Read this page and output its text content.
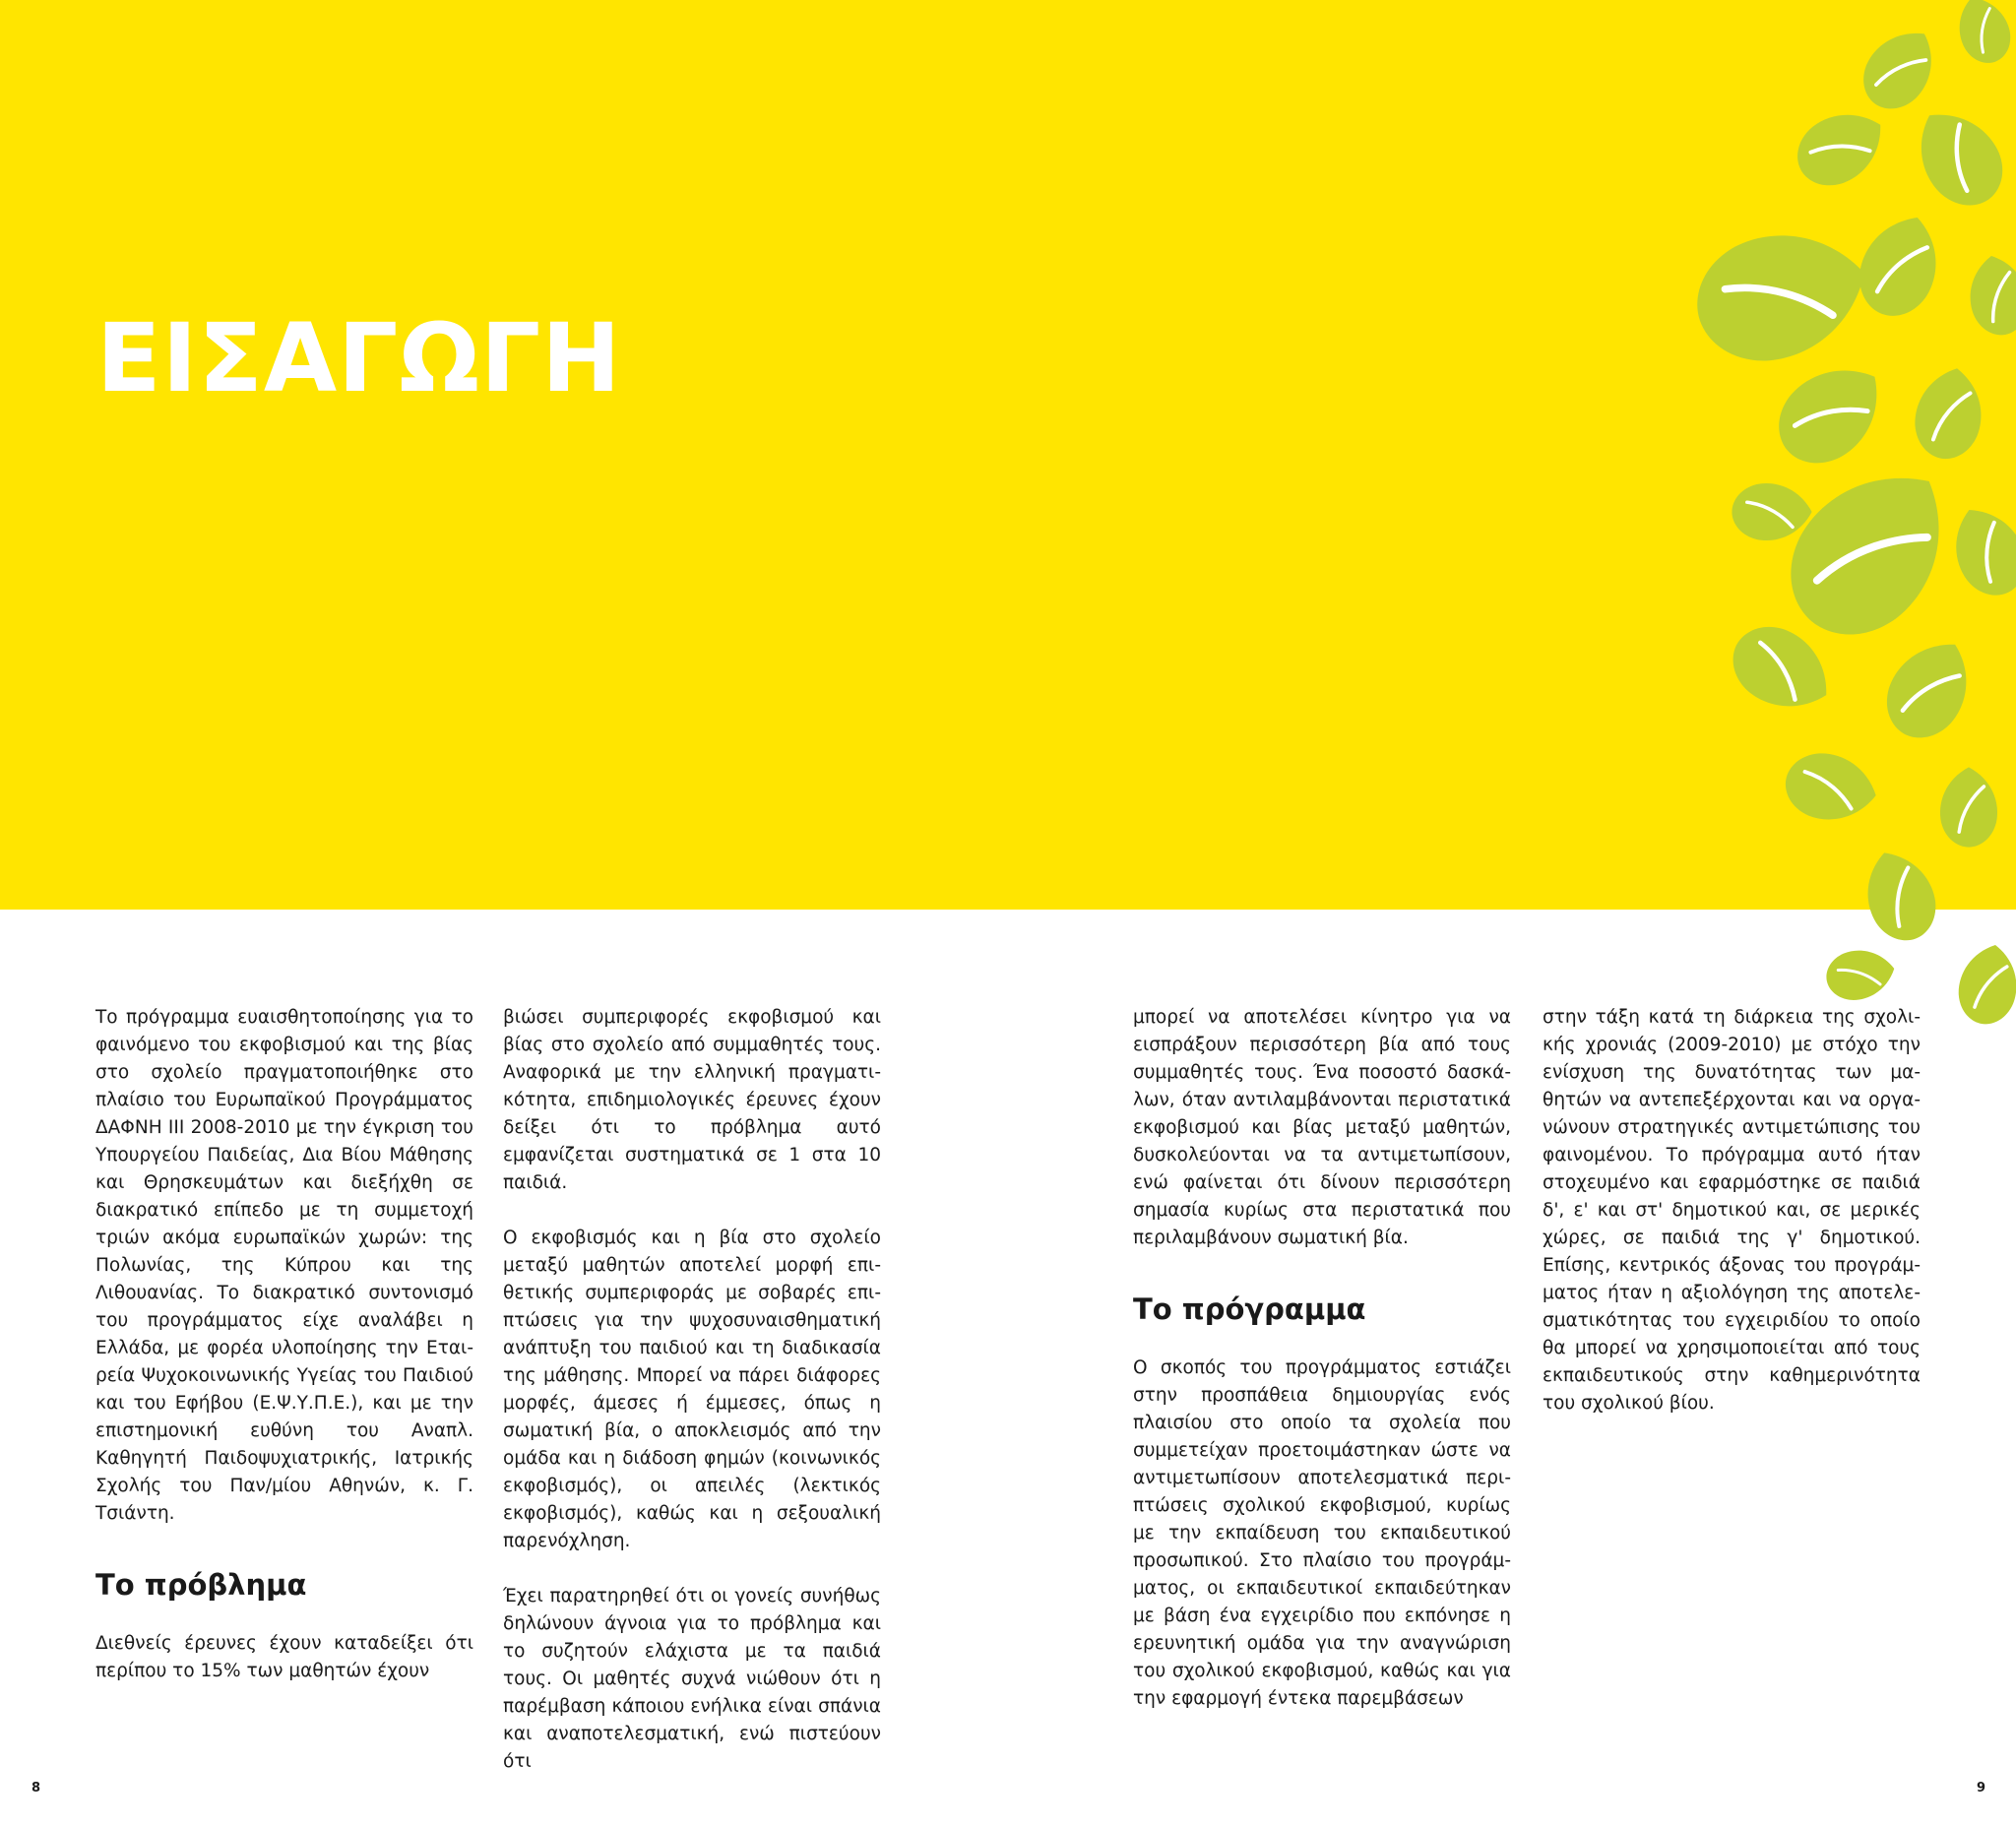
ΕΙΣΑΓΩΓΗ

Το πρόγραμμα ευαισθητοποίησης για το φαινόμενο του εκφοβισμού και της βίας στο σχολείο πραγματοποιήθηκε στο πλαίσιο του Ευρωπαϊκού Προγράμματος ΔΑΦΝΗ ΙΙΙ 2008-2010 με την έγκριση του Υπουργείου Παιδείας, Δια Βίου Μάθησης και Θρησκευμάτων και διεξήχθη σε διακρατικό επίπεδο με τη συμμετοχή τριών ακόμα ευρωπαϊκών χωρών: της Πολωνίας, της Κύπρου και της Λιθουανίας. Το διακρατικό συντονισμό του προγράμματος είχε αναλάβει η Ελλάδα, με φορέα υλοποίησης την Εταιρεία Ψυχοκοινωνικής Υγείας του Παιδιού και του Εφήβου (Ε.Ψ.Υ.Π.Ε.), και με την επιστημονική ευθύνη του Αναπλ. Καθηγητή Παιδοψυχιατρικής, Ιατρικής Σχολής του Παν/μίου Αθηνών, κ. Γ. Τσιάντη.

Το πρόβλημα

Διεθνείς έρευνες έχουν καταδείξει ότι περίπου το 15% των μαθητών έχουν

βιώσει συμπεριφορές εκφοβισμού και βίας στο σχολείο από συμμαθητές τους. Αναφορικά με την ελληνική πραγματικότητα, επιδημιολογικές έρευνες έχουν δείξει ότι το πρόβλημα αυτό εμφανίζεται συστηματικά σε 1 στα 10 παιδιά.

Ο εκφοβισμός και η βία στο σχολείο μεταξύ μαθητών αποτελεί μορφή επιθετικής συμπεριφοράς με σοβαρές επιπτώσεις για την ψυχοσυναισθηματική ανάπτυξη του παιδιού και τη διαδικασία της μάθησης. Μπορεί να πάρει διάφορες μορφές, άμεσες ή έμμεσες, όπως η σωματική βία, ο αποκλεισμός από την ομάδα και η διάδοση φημών (κοινωνικός εκφοβισμός), οι απειλές (λεκτικός εκφοβισμός), καθώς και η σεξουαλική παρενόχληση.

Έχει παρατηρηθεί ότι οι γονείς συνήθως δηλώνουν άγνοια για το πρόβλημα και το συζητούν ελάχιστα με τα παιδιά τους. Οι μαθητές συχνά νιώθουν ότι η παρέμβαση κάποιου ενήλικα είναι σπάνια και αναποτελεσματική, ενώ πιστεύουν ότι

μπορεί να αποτελέσει κίνητρο για να εισπράξουν περισσότερη βία από τους συμμαθητές τους. Ένα ποσοστό δασκάλων, όταν αντιλαμβάνονται περιστατικά εκφοβισμού και βίας μεταξύ μαθητών, δυσκολεύονται να τα αντιμετωπίσουν, ενώ φαίνεται ότι δίνουν περισσότερη σημασία κυρίως στα περιστατικά που περιλαμβάνουν σωματική βία.

Το πρόγραμμα

Ο σκοπός του προγράμματος εστιάζει στην προσπάθεια δημιουργίας ενός πλαισίου στο οποίο τα σχολεία που συμμετείχαν προετοιμάστηκαν ώστε να αντιμετωπίσουν αποτελεσματικά περιπτώσεις σχολικού εκφοβισμού, κυρίως με την εκπαίδευση του εκπαιδευτικού προσωπικού. Στο πλαίσιο του προγράμματος, οι εκπαιδευτικοί εκπαιδεύτηκαν με βάση ένα εγχειρίδιο που εκπόνησε η ερευνητική ομάδα για την αναγνώριση του σχολικού εκφοβισμού, καθώς και για την εφαρμογή έντεκα παρεμβάσεων

στην τάξη κατά τη διάρκεια της σχολικής χρονιάς (2009-2010) με στόχο την ενίσχυση της δυνατότητας των μαθητών να αντεπεξέρχονται και να οργανώνουν στρατηγικές αντιμετώπισης του φαινομένου. Το πρόγραμμα αυτό ήταν στοχευμένο και εφαρμόστηκε σε παιδιά δ', ε' και στ' δημοτικού και, σε μερικές χώρες, σε παιδιά της γ' δημοτικού. Επίσης, κεντρικός άξονας του προγράμματος ήταν η αξιολόγηση της αποτελεσματικότητας του εγχειριδίου το οποίο θα μπορεί να χρησιμοποιείται από τους εκπαιδευτικούς στην καθημερινότητα του σχολικού βίου.

8	9
